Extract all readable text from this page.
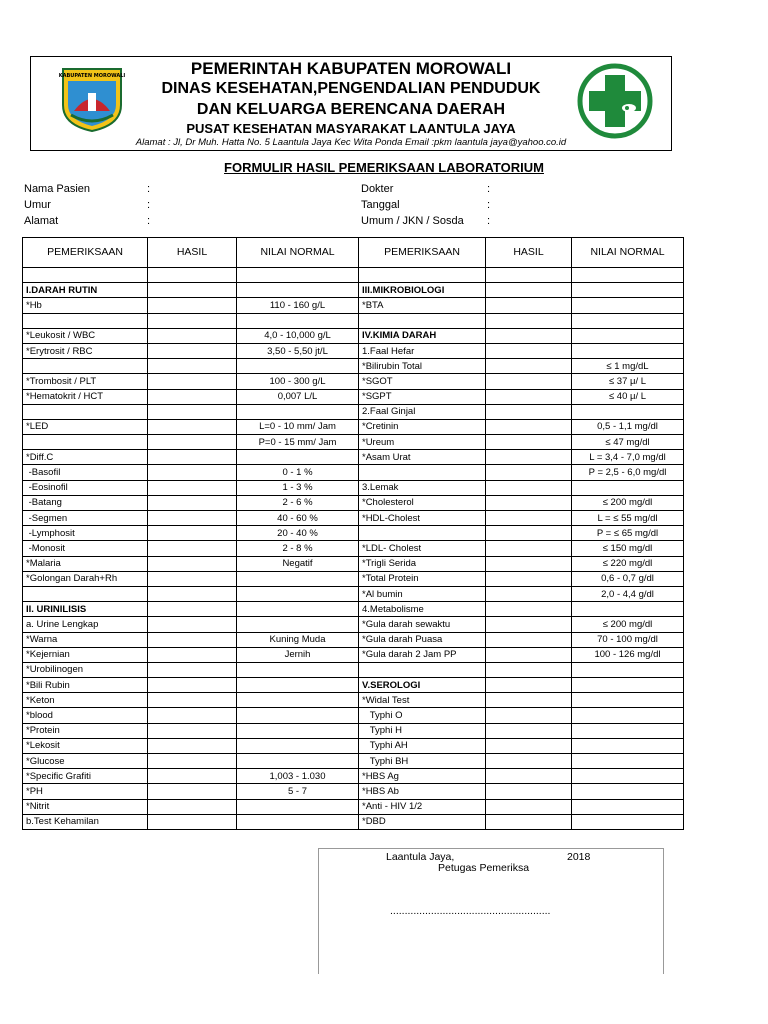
KABUPATEN MOROWALI	PEMERINTAH KABUPATEN MOROWALI
DINAS KESEHATAN,PENGENDALIAN PENDUDUK
DAN KELUARGA BERENCANA DAERAH
PUSAT KESEHATAN MASYARAKAT LAANTULA JAYA
Alamat : Jl, Dr Muh. Hatta No. 5 Laantula Jaya Kec Wita Ponda Email :pkm laantula jaya@yahoo.co.id
FORMULIR HASIL PEMERIKSAAN LABORATORIUM
Nama Pasien	:
Umur	:
Alamat	:
Dokter	:
Tanggal	:
Umum / JKN / Sosda :
PEMERIKSAAN	HASIL	NILAI NORMAL	PEMERIKSAAN	HASIL	NILAI NORMAL

I.DARAH RUTIN			III.MIKROBIOLOGI		
*Hb		110 - 160 g/L	*BTA		

*Leukosit / WBC		4,0 - 10,000 g/L	IV.KIMIA DARAH		
*Erytrosit / RBC		3,50 - 5,50 jt/L	1.Faal Hefar		
			*Bilirubin Total		≤ 1 mg/dL
*Trombosit / PLT		100 - 300 g/L	*SGOT		≤ 37 μ/ L
*Hematokrit / HCT		0,007 L/L	*SGPT		≤ 40 μ/ L
			2.Faal Ginjal		
*LED		L=0 - 10 mm/ Jam	*Cretinin		0,5 - 1,1 mg/dl
		P=0 - 15 mm/ Jam	*Ureum		≤ 47 mg/dl
*Diff.C			*Asam Urat		L = 3,4 - 7,0 mg/dl
-Basofil		0 - 1 %			P = 2,5 - 6,0 mg/dl
-Eosinofil		1 - 3 %	3.Lemak		
-Batang		2 - 6 %	*Cholesterol		≤ 200 mg/dl
-Segmen		40 - 60 %	*HDL-Cholest		L = ≤ 55 mg/dl
-Lymphosit		20 - 40 %			P = ≤ 65 mg/dl
-Monosit		2 - 8 %	*LDL- Cholest		≤ 150 mg/dl
*Malaria		Negatif	*Trigli Serida		≤ 220 mg/dl
*Golongan Darah+Rh			*Total Protein		0,6 - 0,7 g/dl
			*Al bumin		2,0 - 4,4 g/dl
II. URINILISIS			4.Metabolisme		
a. Urine Lengkap			*Gula darah sewaktu		≤ 200 mg/dl
*Warna		Kuning Muda	*Gula darah Puasa		70 - 100 mg/dl
*Kejernian		Jernih	*Gula darah 2 Jam PP		100 - 126 mg/dl
*Urobilinogen					
*Bili Rubin			V.SEROLOGI		
*Keton			*Widal Test		
*blood			Typhi O		
*Protein			Typhi H		
*Lekosit			Typhi AH		
*Glucose			Typhi BH		
*Specific Grafiti		1,003 - 1.030	*HBS Ag		
*PH		5 - 7	*HBS Ab		
*Nitrit			*Anti - HIV 1/2		
b.Test Kehamilan			*DBD		
Laantula Jaya,	2018
Petugas Pemeriksa
.......................................................
